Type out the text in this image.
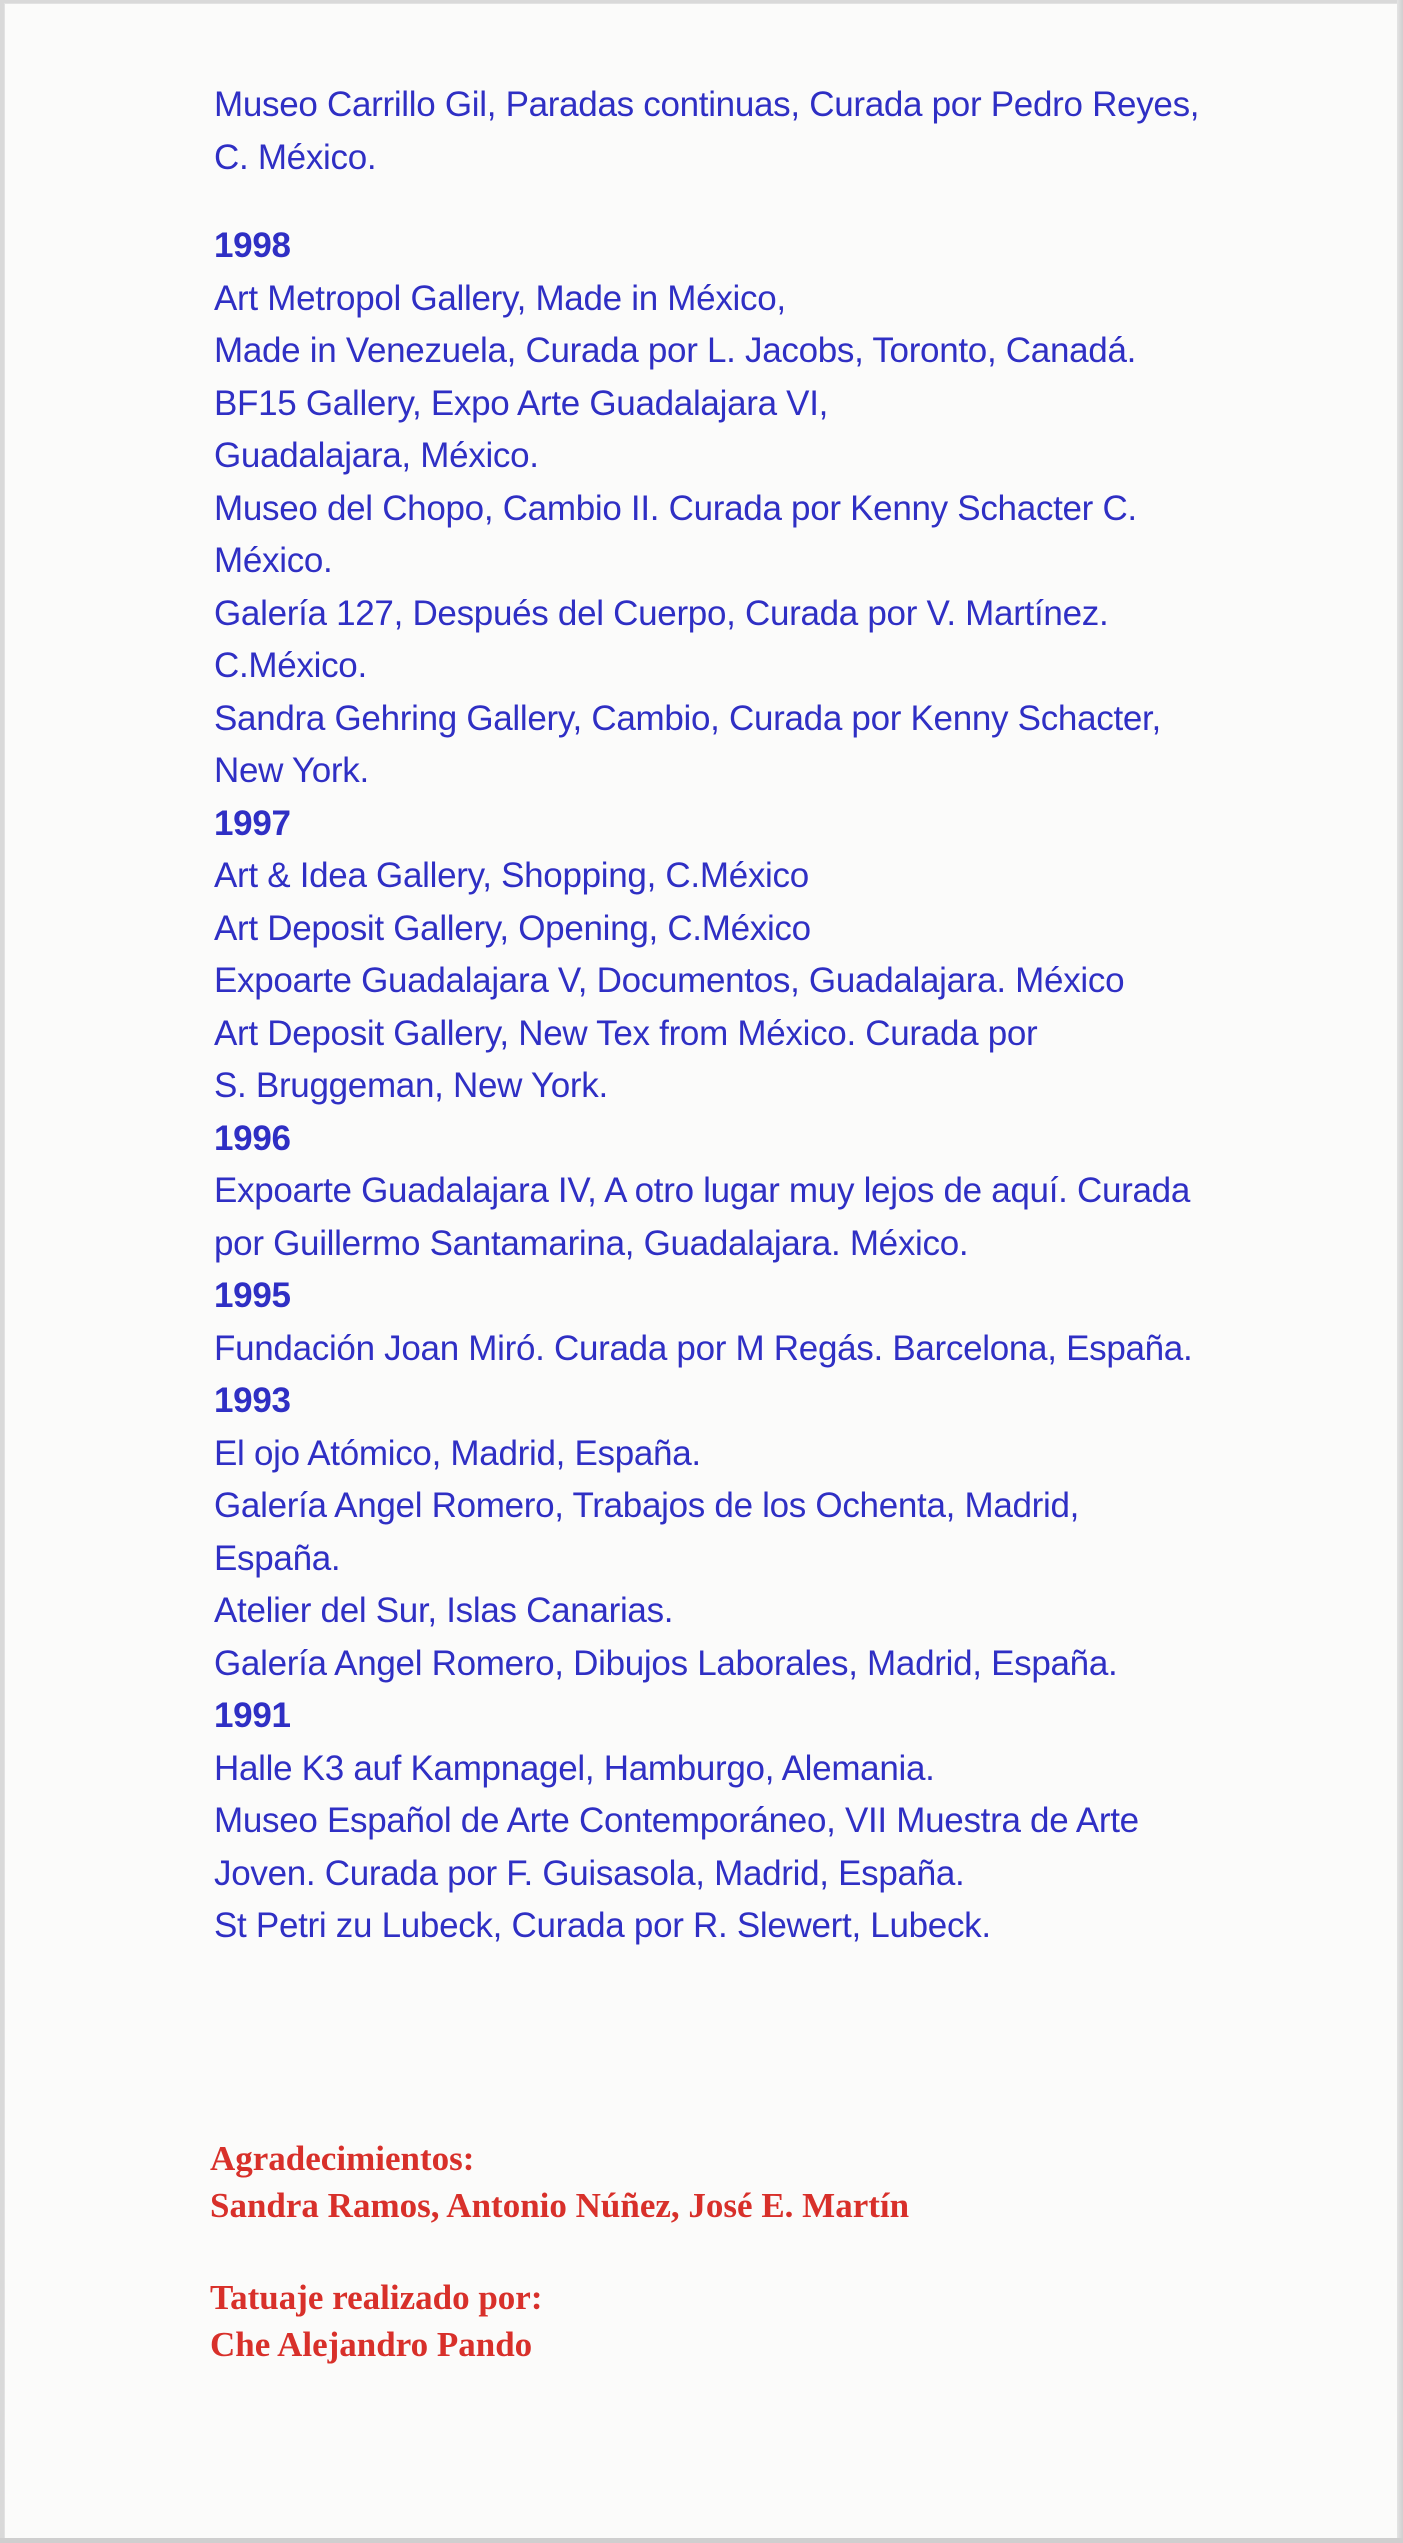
Museo Carrillo Gil, Paradas continuas, Curada por Pedro Reyes,
C. México.
1998
Art Metropol Gallery, Made in México,
Made in Venezuela, Curada por L. Jacobs, Toronto, Canadá.
BF15 Gallery, Expo Arte Guadalajara VI,
Guadalajara, México.
Museo del Chopo, Cambio II. Curada por Kenny Schacter C.
México.
Galería 127, Después del Cuerpo, Curada por V. Martínez.
C.México.
Sandra Gehring Gallery, Cambio, Curada por Kenny Schacter,
New York.
1997
Art & Idea Gallery, Shopping, C.México
Art Deposit Gallery, Opening, C.México
Expoarte Guadalajara V, Documentos, Guadalajara. México
Art Deposit Gallery, New Tex from México. Curada por
S. Bruggeman, New York.
1996
Expoarte Guadalajara IV, A otro lugar muy lejos de aquí. Curada
por Guillermo Santamarina, Guadalajara. México.
1995
Fundación Joan Miró. Curada por M Regás. Barcelona, España.
1993
El ojo Atómico, Madrid, España.
Galería Angel Romero, Trabajos de los Ochenta, Madrid,
España.
Atelier del Sur, Islas Canarias.
Galería Angel Romero, Dibujos Laborales, Madrid, España.
1991
Halle K3 auf Kampnagel, Hamburgo, Alemania.
Museo Español de Arte Contemporáneo, VII Muestra de Arte
Joven. Curada por F. Guisasola, Madrid, España.
St Petri zu Lubeck, Curada por R. Slewert, Lubeck.
Agradecimientos:
Sandra Ramos, Antonio Núñez, José E. Martín
Tatuaje realizado por:
Che Alejandro Pando
